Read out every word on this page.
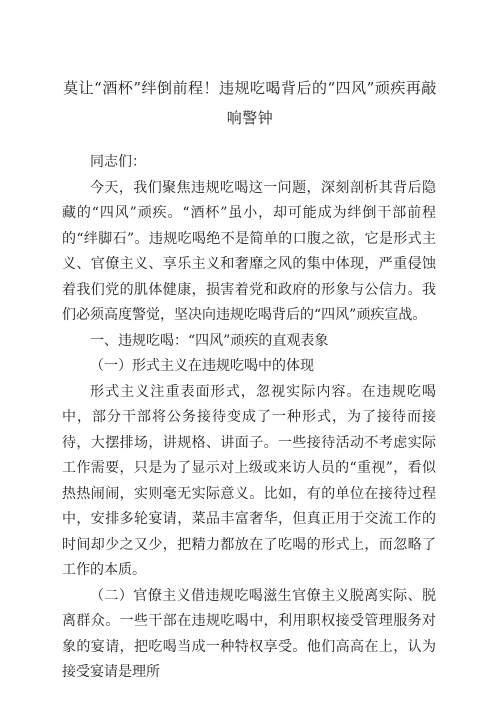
莫让“酒杯”绊倒前程！违规吃喝背后的“四风”顽疾再敲响警钟

同志们：

今天，我们聚焦违规吃喝这一问题，深刻剖析其背后隐藏的“四风”顽疾。“酒杯”虽小，却可能成为绊倒干部前程的“绊脚石”。违规吃喝绝不是简单的口腹之欲，它是形式主义、官僚主义、享乐主义和奢靡之风的集中体现，严重侵蚀着我们党的肌体健康，损害着党和政府的形象与公信力。我们必须高度警觉，坚决向违规吃喝背后的“四风”顽疾宣战。

一、违规吃喝：“四风”顽疾的直观表象

（一）形式主义在违规吃喝中的体现

形式主义注重表面形式，忽视实际内容。在违规吃喝中，部分干部将公务接待变成了一种形式，为了接待而接待，大摆排场，讲规格、讲面子。一些接待活动不考虑实际工作需要，只是为了显示对上级或来访人员的“重视”，看似热热闹闹，实则毫无实际意义。比如，有的单位在接待过程中，安排多轮宴请，菜品丰富奢华，但真正用于交流工作的时间却少之又少，把精力都放在了吃喝的形式上，而忽略了工作的本质。

（二）官僚主义借违规吃喝滋生官僚主义脱离实际、脱离群众。一些干部在违规吃喝中，利用职权接受管理服务对象的宴请，把吃喝当成一种特权享受。他们高高在上，认为接受宴请是理所
